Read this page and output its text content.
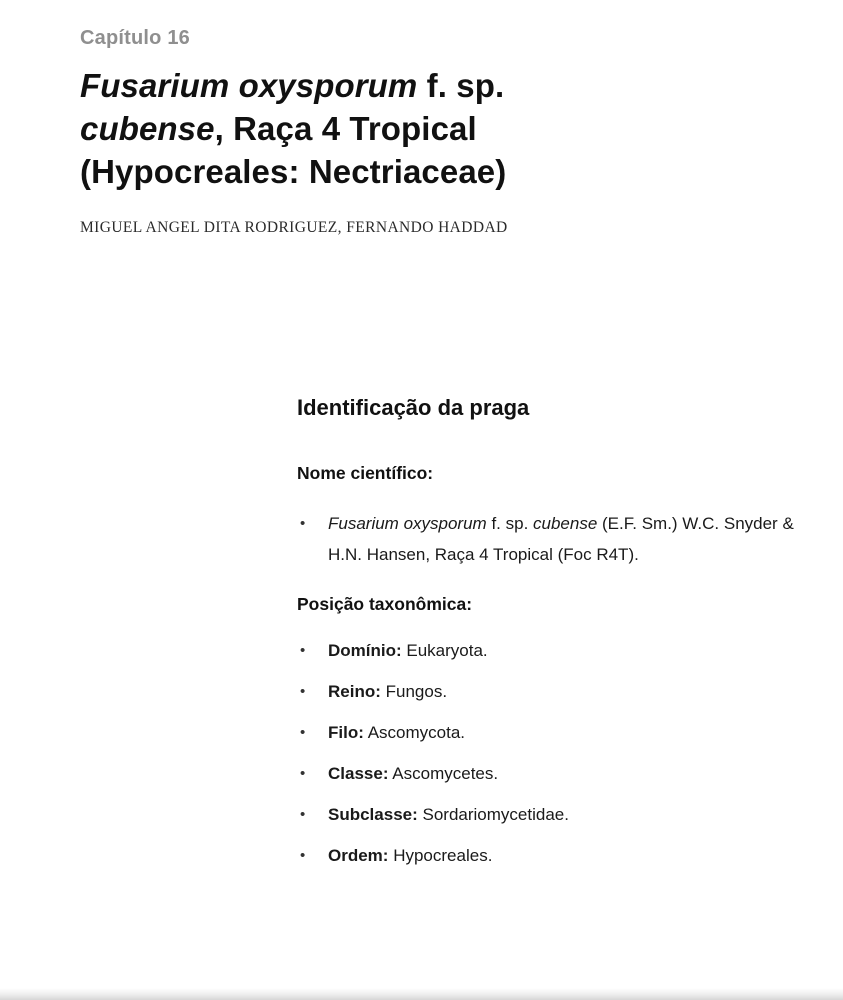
Capítulo 16
Fusarium oxysporum f. sp.
cubense, Raça 4 Tropical
(Hypocreales: Nectriaceae)
MIGUEL ANGEL DITA RODRIGUEZ, FERNANDO HADDAD
Identificação da praga
Nome científico:
• Fusarium oxysporum f. sp. cubense (E.F. Sm.) W.C. Snyder & H.N. Hansen, Raça 4 Tropical (Foc R4T).
Posição taxonômica:
• Domínio: Eukaryota.
• Reino: Fungos.
• Filo: Ascomycota.
• Classe: Ascomycetes.
• Subclasse: Sordariomycetidae.
• Ordem: Hypocreales.
